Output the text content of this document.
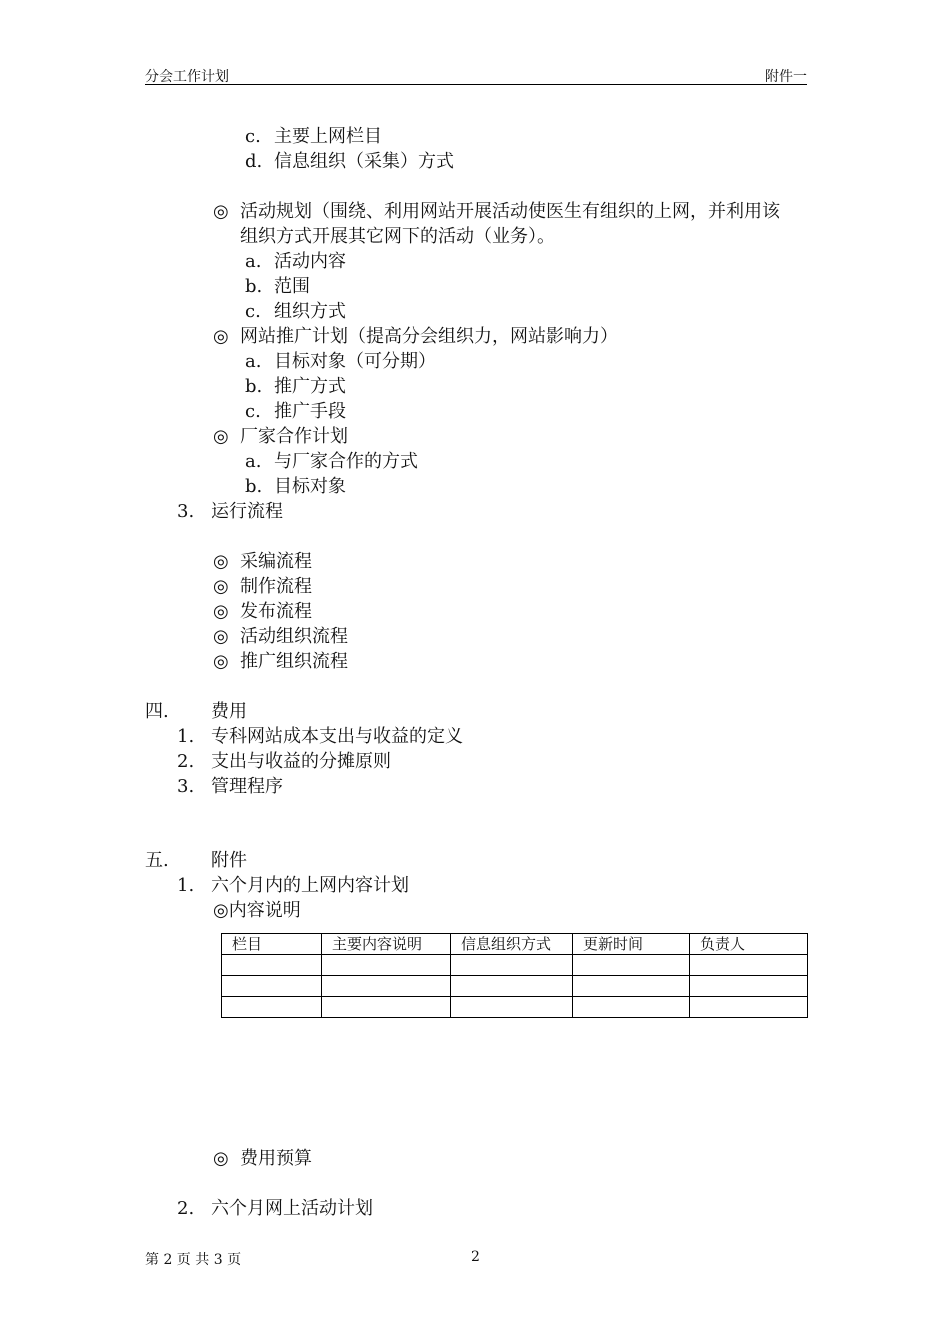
分会工作计划	附件一
c. 主要上网栏目
d. 信息组织（采集）方式
◎ 活动规划（围绕、利用网站开展活动使医生有组织的上网，并利用该
组织方式开展其它网下的活动（业务）。
a. 活动内容
b. 范围
c. 组织方式
◎ 网站推广计划（提高分会组织力，网站影响力）
a. 目标对象（可分期）
b. 推广方式
c. 推广手段
◎ 厂家合作计划
a. 与厂家合作的方式
b. 目标对象
3. 运行流程
◎ 采编流程
◎ 制作流程
◎ 发布流程
◎ 活动组织流程
◎ 推广组织流程
四. 费用
1. 专科网站成本支出与收益的定义
2. 支出与收益的分摊原则
3. 管理程序
五. 附件
1. 六个月内的上网内容计划
◎内容说明
栏目	主要内容说明	信息组织方式	更新时间	负责人

◎ 费用预算
2. 六个月网上活动计划
第 2 页 共 3 页	2
